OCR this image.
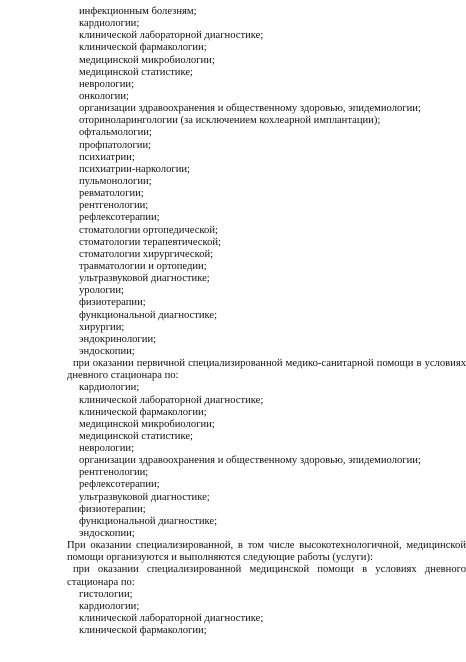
инфекционным болезням;
кардиологии;
клинической лабораторной диагностике;
клинической фармакологии;
медицинской микробиологии;
медицинской статистике;
неврологии;
онкологии;
организации здравоохранения и общественному здоровью, эпидемиологии;
оториноларингологии (за исключением кохлеарной имплантации);
офтальмологии;
профпатологии;
психиатрии;
психиатрии-наркологии;
пульмонологии;
ревматологии;
рентгенологии;
рефлексотерапии;
стоматологии ортопедической;
стоматологии терапевтической;
стоматологии хирургической;
травматологии и ортопедии;
ультразвуковой диагностике;
урологии;
физиотерапии;
функциональной диагностике;
хирургии;
эндокринологии;
эндоскопии;
при оказании первичной специализированной медико-санитарной помощи в условиях
дневного стационара по:
кардиологии;
клинической лабораторной диагностике;
клинической фармакологии;
медицинской микробиологии;
медицинской статистике;
неврологии;
организации здравоохранения и общественному здоровью, эпидемиологии;
рентгенологии;
рефлексотерапии;
ультразвуковой диагностике;
физиотерапии;
функциональной диагностике;
эндоскопии;
При оказании специализированной, в том числе высокотехнологичной, медицинской
помощи организуются и выполняются следующие работы (услуги):
при оказании специализированной медицинской помощи в условиях дневного
стационара по:
гистологии;
кардиологии;
клинической лабораторной диагностике;
клинической фармакологии;
